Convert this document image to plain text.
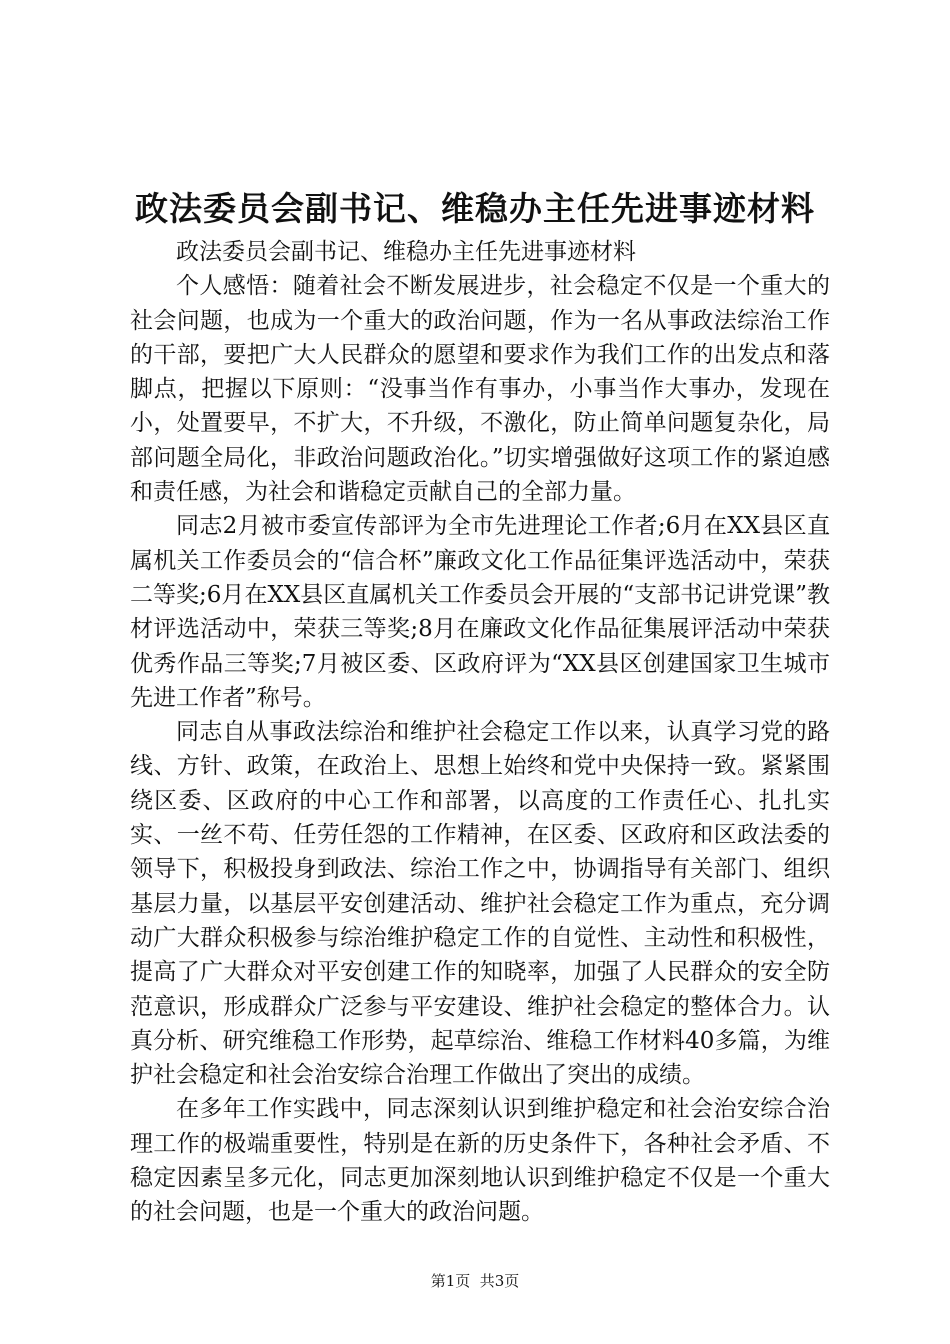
政法委员会副书记、维稳办主任先进事迹材料

政法委员会副书记、维稳办主任先进事迹材料

个人感悟：随着社会不断发展进步，社会稳定不仅是一个重大的社会问题，也成为一个重大的政治问题，作为一名从事政法综治工作的干部，要把广大人民群众的愿望和要求作为我们工作的出发点和落脚点，把握以下原则：“没事当作有事办，小事当作大事办，发现在小，处置要早，不扩大，不升级，不激化，防止简单问题复杂化，局部问题全局化，非政治问题政治化。”切实增强做好这项工作的紧迫感和责任感，为社会和谐稳定贡献自己的全部力量。

同志2月被市委宣传部评为全市先进理论工作者;6月在XX县区直属机关工作委员会的“信合杯”廉政文化工作品征集评选活动中，荣获二等奖;6月在XX县区直属机关工作委员会开展的“支部书记讲党课”教材评选活动中，荣获三等奖;8月在廉政文化作品征集展评活动中荣获优秀作品三等奖;7月被区委、区政府评为“XX县区创建国家卫生城市先进工作者”称号。

同志自从事政法综治和维护社会稳定工作以来，认真学习党的路线、方针、政策，在政治上、思想上始终和党中央保持一致。紧紧围绕区委、区政府的中心工作和部署，以高度的工作责任心、扎扎实实、一丝不苟、任劳任怨的工作精神，在区委、区政府和区政法委的领导下，积极投身到政法、综治工作之中，协调指导有关部门、组织基层力量，以基层平安创建活动、维护社会稳定工作为重点，充分调动广大群众积极参与综治维护稳定工作的自觉性、主动性和积极性，提高了广大群众对平安创建工作的知晓率，加强了人民群众的安全防范意识，形成群众广泛参与平安建设、维护社会稳定的整体合力。认真分析、研究维稳工作形势，起草综治、维稳工作材料40多篇，为维护社会稳定和社会治安综合治理工作做出了突出的成绩。

在多年工作实践中，同志深刻认识到维护稳定和社会治安综合治理工作的极端重要性，特别是在新的历史条件下，各种社会矛盾、不稳定因素呈多元化，同志更加深刻地认识到维护稳定不仅是一个重大的社会问题，也是一个重大的政治问题。

第1页  共3页
